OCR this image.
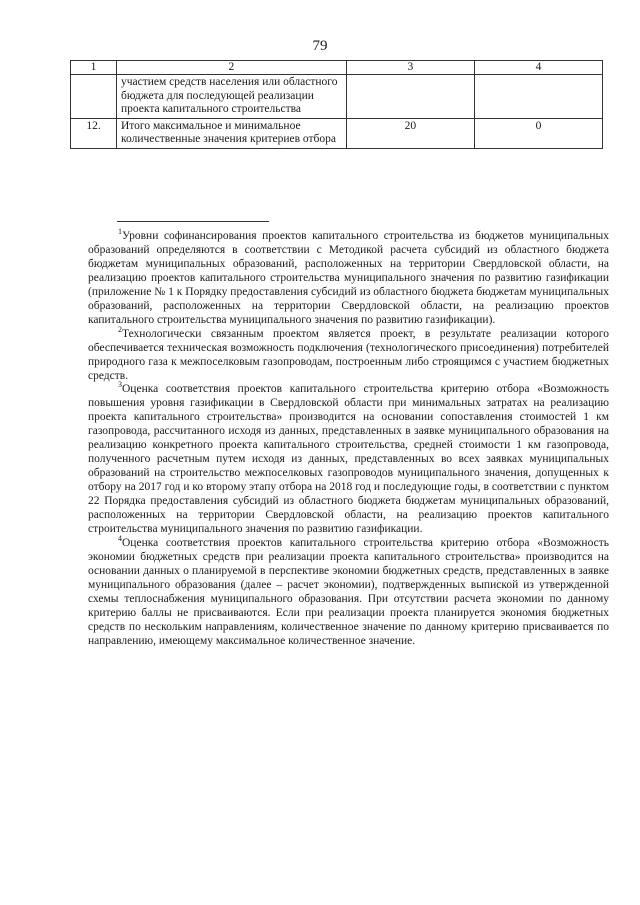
79
1	2	3	4
	участием средств населения или областного бюджета для последующей реализации проекта капитального строительства		
12.	Итого максимальное и минимальное количественные значения критериев отбора	20	0

$^1$Уровни софинансирования проектов капитального строительства из бюджетов муниципальных образований определяются в соответствии с Методикой расчета субсидий из областного бюджета бюджетам муниципальных образований, расположенных на территории Свердловской области, на реализацию проектов капитального строительства муниципального значения по развитию газификации (приложение № 1 к Порядку предоставления субсидий из областного бюджета бюджетам муниципальных образований, расположенных на территории Свердловской области, на реализацию проектов капитального строительства муниципального значения по развитию газификации).

$^2$Технологически связанным проектом является проект, в результате реализации которого обеспечивается техническая возможность подключения (технологического присоединения) потребителей природного газа к межпоселковым газопроводам, построенным либо строящимся с участием бюджетных средств.

$^3$Оценка соответствия проектов капитального строительства критерию отбора «Возможность повышения уровня газификации в Свердловской области при минимальных затратах на реализацию проекта капитального строительства» производится на основании сопоставления стоимостей 1 км газопровода, рассчитанного исходя из данных, представленных в заявке муниципального образования на реализацию конкретного проекта капитального строительства, средней стоимости 1 км газопровода, полученного расчетным путем исходя из данных, представленных во всех заявках муниципальных образований на строительство межпоселковых газопроводов муниципального значения, допущенных к отбору на 2017 год и ко второму этапу отбора на 2018 год и последующие годы, в соответствии с пунктом 22 Порядка предоставления субсидий из областного бюджета бюджетам муниципальных образований, расположенных на территории Свердловской области, на реализацию проектов капитального строительства муниципального значения по развитию газификации.

$^4$Оценка соответствия проектов капитального строительства критерию отбора «Возможность экономии бюджетных средств при реализации проекта капитального строительства» производится на основании данных о планируемой в перспективе экономии бюджетных средств, представленных в заявке муниципального образования (далее – расчет экономии), подтвержденных выпиской из утвержденной схемы теплоснабжения муниципального образования. При отсутствии расчета экономии по данному критерию баллы не присваиваются. Если при реализации проекта планируется экономия бюджетных средств по нескольким направлениям, количественное значение по данному критерию присваивается по направлению, имеющему максимальное количественное значение.
